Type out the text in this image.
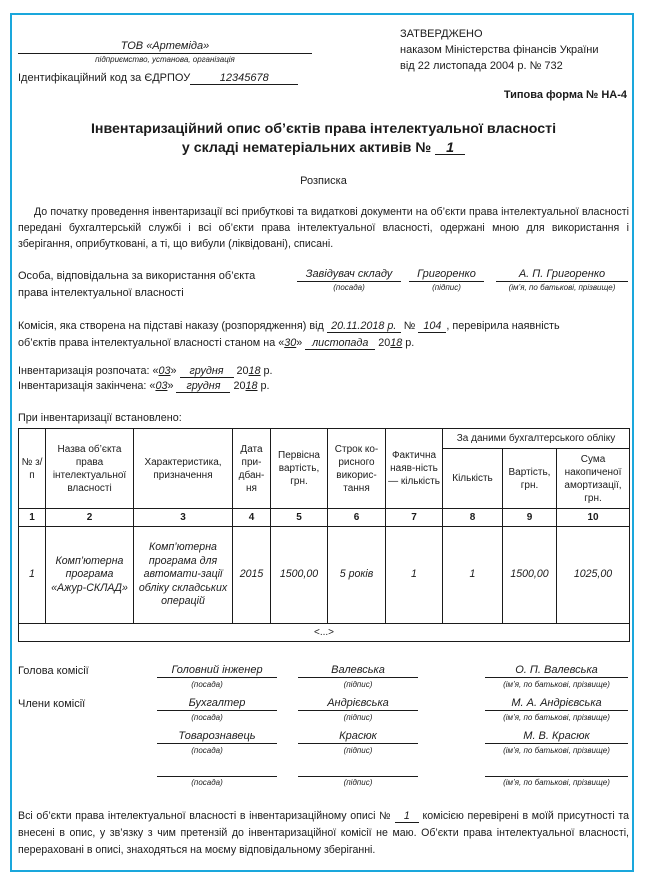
ТОВ «Артеміда»
підприємство, установа, організація
Ідентифікаційний код за ЄДРПОУ	12345678
ЗАТВЕРДЖЕНО
наказом Міністерства фінансів України
від 22 листопада 2004 р. № 732
Типова форма № НА-4
Інвентаризаційний опис об’єктів права інтелектуальної власності
у складі нематеріальних активів № 1
Розписка
До початку проведення інвентаризації всі прибуткові та видаткові документи на об’єкти права інтелектуальної власності передані бухгалтерській службі і всі об’єкти права інтелектуальної власності, одержані мною для використання і зберігання, оприбутковані, а ті, що вибули (ліквідовані), списані.
Особа, відповідальна за використання об’єкта
права інтелектуальної власності
Завідувач складу
(посада)
Григоренко
(підпис)
А. П. Григоренко
(ім’я, по батькові, прізвище)
Комісія, яка створена на підставі наказу (розпорядження) від 20.11.2018 р. № 104 , перевірила наявність
об’єктів права інтелектуальної власності станом на «30» листопада 2018 р.
Інвентаризація розпочата: «03» грудня 2018 р.
Інвентаризація закінчена: «03» грудня 2018 р.
При інвентаризації встановлено:
№ з/п	Назва об’єкта права інтелектуальної власності	Характеристика, призначення	Дата при-дбан-ня	Первісна вартість, грн.	Строк ко-рисного викорис-тання	Фактична наяв-ність — кількість	За даними бухгалтерського обліку		
							Кількість	Вартість, грн.	Сума накопиченої амортизації, грн.
1	2	3	4	5	6	7	8	9	10
1	Комп’ютерна програма «Ажур-СКЛАД»	Комп’ютерна програма для автомати-зації обліку складських операцій	2015	1500,00	5 років	1	1	1500,00	1025,00
<...>									
Голова комісії
Члени комісії
Головний інженер
(посада)
Валевська
(підпис)
О. П. Валевська
(ім’я, по батькові, прізвище)
Бухгалтер
(посада)
Андрієвська
(підпис)
М. А. Андрієвська
(ім’я, по батькові, прізвище)
Товарознавець
(посада)
Красюк
(підпис)
М. В. Красюк
(ім’я, по батькові, прізвище)
(посада)	(підпис)	(ім’я, по батькові, прізвище)
Всі об’єкти права інтелектуальної власності в інвентаризаційному описі № 1 комісією перевірені в моїй присутності та внесені в опис, у зв’язку з чим претензій до інвентаризаційної комісії не маю. Об’єкти права інтелектуальної власності, перераховані в описі, знаходяться на моєму відповідальному зберіганні.
